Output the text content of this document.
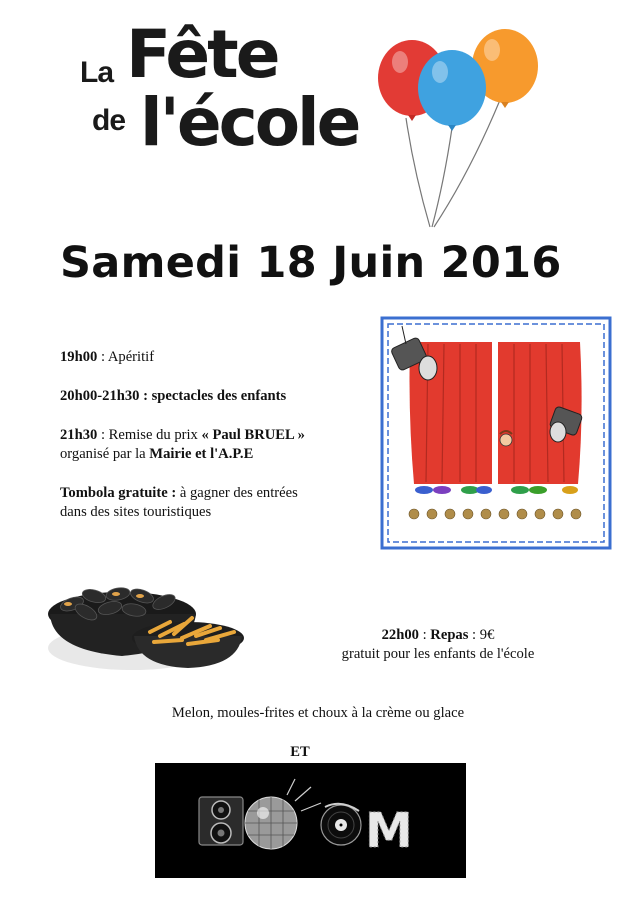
La Fête
de l'école
Samedi 18 Juin 2016

19h00 : Apéritif

20h00-21h30 : spectacles des enfants

21h30 : Remise du prix « Paul BRUEL »
organisé par la Mairie et l'A.P.E

Tombola gratuite : à gagner des entrées
dans des sites touristiques

22h00 : Repas : 9€
gratuit pour les enfants de l'école
Melon, moules-frites et choux à la crème ou glace
ET
M
